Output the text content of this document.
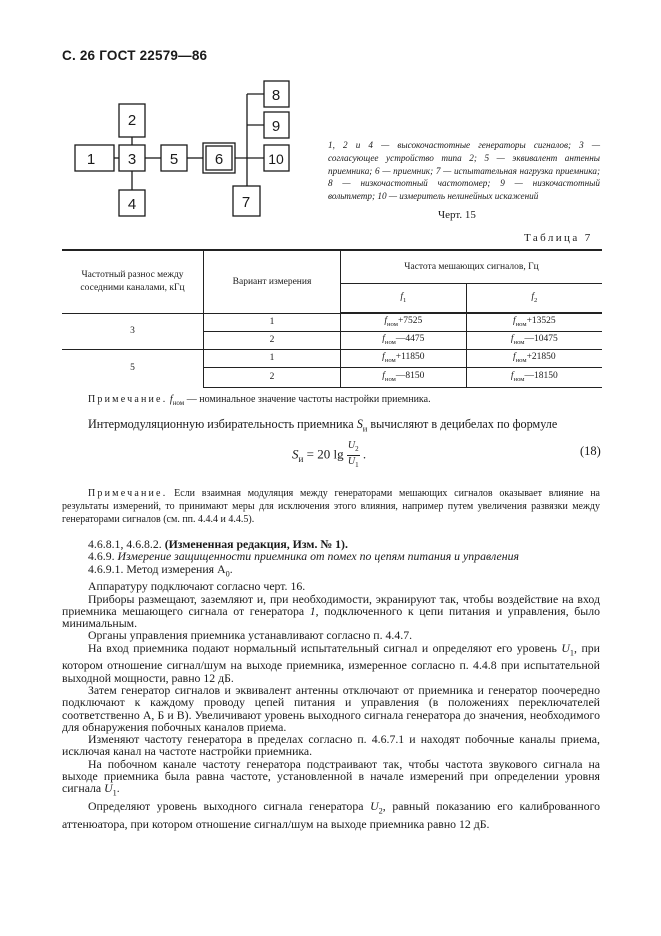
С. 26 ГОСТ 22579—86
1
2
3
4
5 6
7
8
9
10
1, 2 и 4 — высокочастотные генераторы сигналов; 3 — согласующее устройство типа 2; 5 — эквивалент антенны приемника; 6 — приемник; 7 — испытательная нагрузка приемника; 8 — низкочастотный частотомер; 9 — низкочастотный вольтметр; 10 — измеритель нелинейных искажений
Черт. 15
Таблица 7
Частотный разнос между соседними каналами, кГц	Вариант измерения	Частота мешающих сигналов, Гц	
		$f_1$	$f_2$
3	1	$f_{ном}+7525$	$f_{ном}+13525$
	2	$f_{ном}—4475$	$f_{ном}—10475$
5	1	$f_{ном}+11850$	$f_{ном}+21850$
	2	$f_{ном}—8150$	$f_{ном}—18150$
Примечание. $f_{ном}$ — номинальное значение частоты настройки приемника.
Интермодуляционную избирательность приемника $S_и$ вычисляют в децибелах по формуле
$S_и = 20$ $\lg \frac{U_2}{U_1}$ .	(18)
Примечание. Если взаимная модуляция между генераторами мешающих сигналов оказывает влияние на результаты измерений, то принимают меры для исключения этого влияния, например путем увеличения развязки между генераторами сигналов (см. пп. 4.4.4 и 4.4.5).

4.6.8.1, 4.6.8.2. (Измененная редакция, Изм. № 1).

4.6.9. Измерение защищенности приемника от помех по цепям питания и управления

4.6.9.1. Метод измерения $А_0$.

Аппаратуру подключают согласно черт. 16.

Приборы размещают, заземляют и, при необходимости, экранируют так, чтобы воздействие на вход приемника мешающего сигнала от генератора 1, подключенного к цепи питания и управления, было минимальным.

Органы управления приемника устанавливают согласно п. 4.4.7.

На вход приемника подают нормальный испытательный сигнал и определяют его уровень $U_1$, при котором отношение сигнал/шум на выходе приемника, измеренное согласно п. 4.4.8 при испытательной выходной мощности, равно 12 дБ.

Затем генератор сигналов и эквивалент антенны отключают от приемника и генератор поочередно подключают к каждому проводу цепей питания и управления (в положениях переключателей соответственно А, Б и В). Увеличивают уровень выходного сигнала генератора до значения, необходимого для обнаружения побочных каналов приема.

Изменяют частоту генератора в пределах согласно п. 4.6.7.1 и находят побочные каналы приема, исключая канал на частоте настройки приемника.

На побочном канале частоту генератора подстраивают так, чтобы частота звукового сигнала на выходе приемника была равна частоте, установленной в начале измерений при определении уровня сигнала $U_1$.

Определяют уровень выходного сигнала генератора $U_2$, равный показанию его калиброванного аттенюатора, при котором отношение сигнал/шум на выходе приемника равно 12 дБ.
